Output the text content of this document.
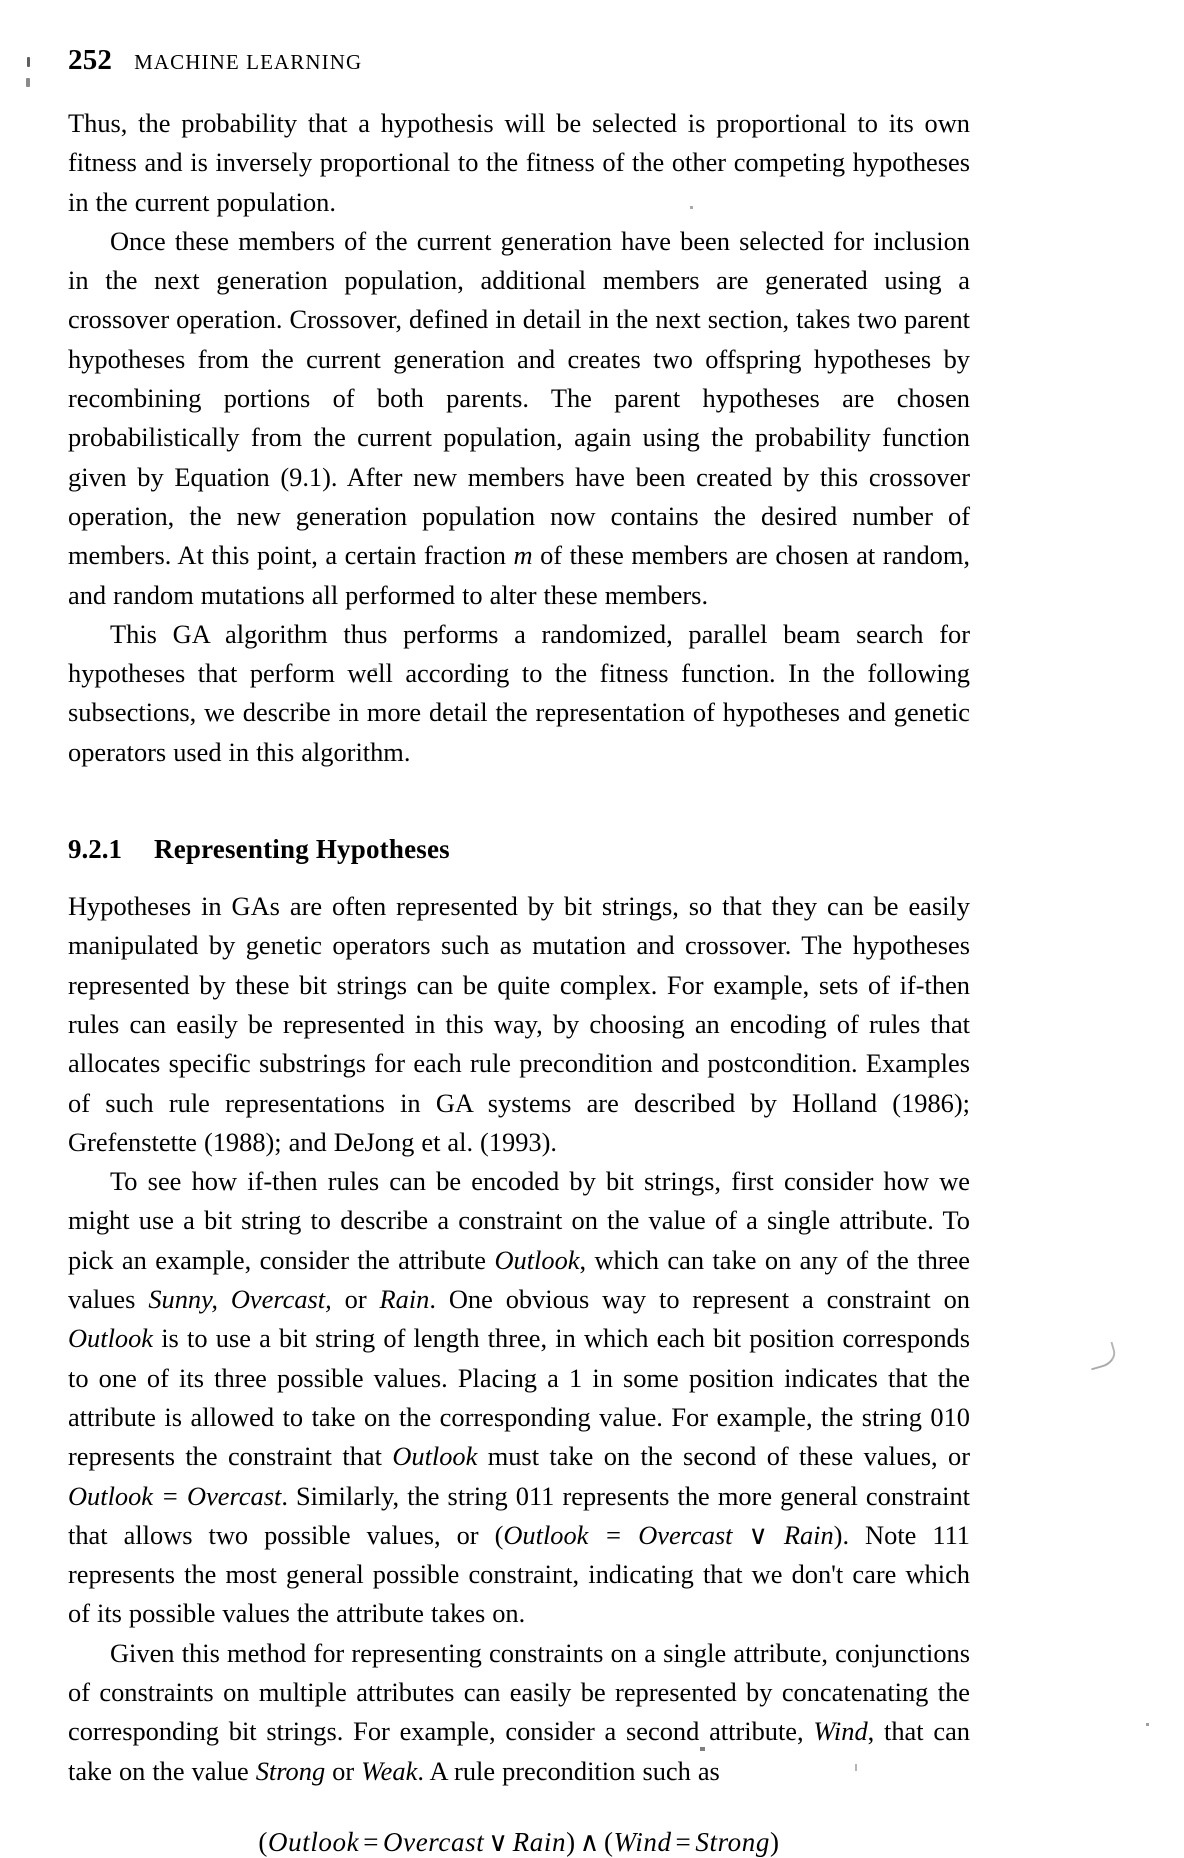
252 MACHINE LEARNING

Thus, the probability that a hypothesis will be selected is proportional to its own fitness and is inversely proportional to the fitness of the other competing hypotheses in the current population.

Once these members of the current generation have been selected for inclusion in the next generation population, additional members are generated using a crossover operation. Crossover, defined in detail in the next section, takes two parent hypotheses from the current generation and creates two offspring hypotheses by recombining portions of both parents. The parent hypotheses are chosen probabilistically from the current population, again using the probability function given by Equation (9.1). After new members have been created by this crossover operation, the new generation population now contains the desired number of members. At this point, a certain fraction m of these members are chosen at random, and random mutations all performed to alter these members.

This GA algorithm thus performs a randomized, parallel beam search for hypotheses that perform well according to the fitness function. In the following subsections, we describe in more detail the representation of hypotheses and genetic operators used in this algorithm.

9.2.1	Representing Hypotheses

Hypotheses in GAs are often represented by bit strings, so that they can be easily manipulated by genetic operators such as mutation and crossover. The hypotheses represented by these bit strings can be quite complex. For example, sets of if-then rules can easily be represented in this way, by choosing an encoding of rules that allocates specific substrings for each rule precondition and postcondition. Examples of such rule representations in GA systems are described by Holland (1986); Grefenstette (1988); and DeJong et al. (1993).

To see how if-then rules can be encoded by bit strings, first consider how we might use a bit string to describe a constraint on the value of a single attribute. To pick an example, consider the attribute Outlook, which can take on any of the three values Sunny, Overcast, or Rain. One obvious way to represent a constraint on Outlook is to use a bit string of length three, in which each bit position corresponds to one of its three possible values. Placing a 1 in some position indicates that the attribute is allowed to take on the corresponding value. For example, the string 010 represents the constraint that Outlook must take on the second of these values, or Outlook = Overcast. Similarly, the string 011 represents the more general constraint that allows two possible values, or (Outlook = Overcast ∨ Rain). Note 111 represents the most general possible constraint, indicating that we don't care which of its possible values the attribute takes on.

Given this method for representing constraints on a single attribute, conjunctions of constraints on multiple attributes can easily be represented by concatenating the corresponding bit strings. For example, consider a second attribute, Wind, that can take on the value Strong or Weak. A rule precondition such as

(Outlook = Overcast ∨ Rain) ∧ (Wind = Strong)
